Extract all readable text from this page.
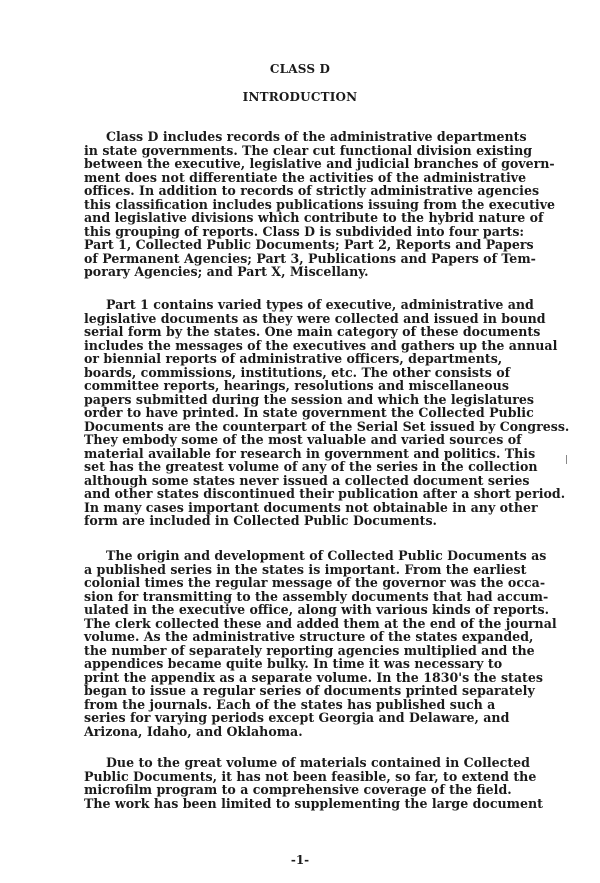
CLASS D
INTRODUCTION

Class D includes records of the administrative departments
in state governments. The clear cut functional division existing
between the executive, legislative and judicial branches of govern-
ment does not differentiate the activities of the administrative
offices. In addition to records of strictly administrative agencies
this classification includes publications issuing from the executive
and legislative divisions which contribute to the hybrid nature of
this grouping of reports. Class D is subdivided into four parts:
Part 1, Collected Public Documents; Part 2, Reports and Papers
of Permanent Agencies; Part 3, Publications and Papers of Tem-
porary Agencies; and Part X, Miscellany.

Part 1 contains varied types of executive, administrative and
legislative documents as they were collected and issued in bound
serial form by the states. One main category of these documents
includes the messages of the executives and gathers up the annual
or biennial reports of administrative officers, departments,
boards, commissions, institutions, etc. The other consists of
committee reports, hearings, resolutions and miscellaneous
papers submitted during the session and which the legislatures
order to have printed. In state government the Collected Public
Documents are the counterpart of the Serial Set issued by Congress.
They embody some of the most valuable and varied sources of
material available for research in government and politics. This
set has the greatest volume of any of the series in the collection
although some states never issued a collected document series
and other states discontinued their publication after a short period.
In many cases important documents not obtainable in any other
form are included in Collected Public Documents.

The origin and development of Collected Public Documents as
a published series in the states is important. From the earliest
colonial times the regular message of the governor was the occa-
sion for transmitting to the assembly documents that had accum-
ulated in the executive office, along with various kinds of reports.
The clerk collected these and added them at the end of the journal
volume. As the administrative structure of the states expanded,
the number of separately reporting agencies multiplied and the
appendices became quite bulky. In time it was necessary to
print the appendix as a separate volume. In the 1830's the states
began to issue a regular series of documents printed separately
from the journals. Each of the states has published such a
series for varying periods except Georgia and Delaware, and
Arizona, Idaho, and Oklahoma.

Due to the great volume of materials contained in Collected
Public Documents, it has not been feasible, so far, to extend the
microfilm program to a comprehensive coverage of the field.
The work has been limited to supplementing the large document

-1-
